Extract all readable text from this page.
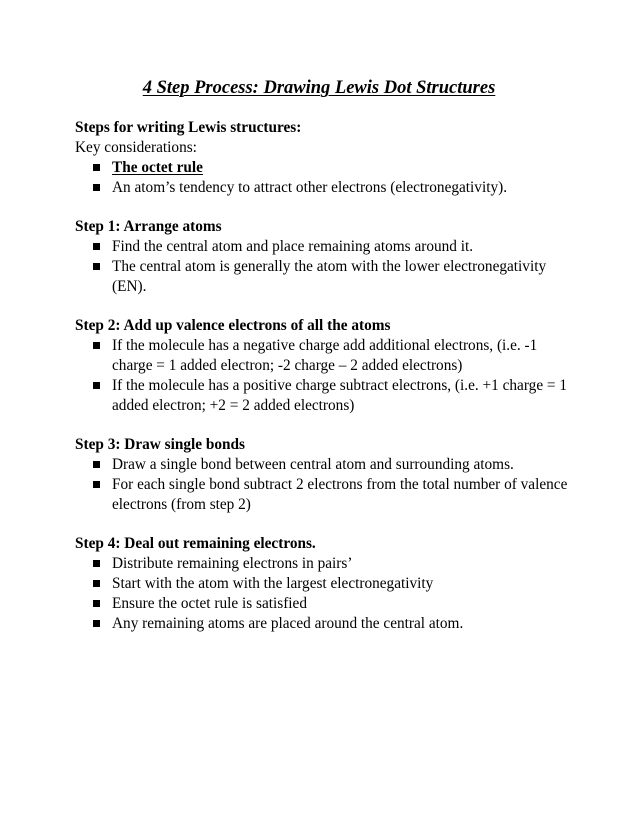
4 Step Process: Drawing Lewis Dot Structures

Steps for writing Lewis structures:

Key considerations:

The octet rule
An atom’s tendency to attract other electrons (electronegativity).

Step 1: Arrange atoms

Find the central atom and place remaining atoms around it.
The central atom is generally the atom with the lower electronegativity (EN).

Step 2: Add up valence electrons of all the atoms

If the molecule has a negative charge add additional electrons, (i.e. -1 charge = 1 added electron; -2 charge – 2 added electrons)
If the molecule has a positive charge subtract electrons, (i.e. +1 charge = 1 added electron; +2 = 2 added electrons)

Step 3: Draw single bonds

Draw a single bond between central atom and surrounding atoms.
For each single bond subtract 2 electrons from the total number of valence electrons (from step 2)

Step 4: Deal out remaining electrons.

Distribute remaining electrons in pairs’
Start with the atom with the largest electronegativity
Ensure the octet rule is satisfied
Any remaining atoms are placed around the central atom.
